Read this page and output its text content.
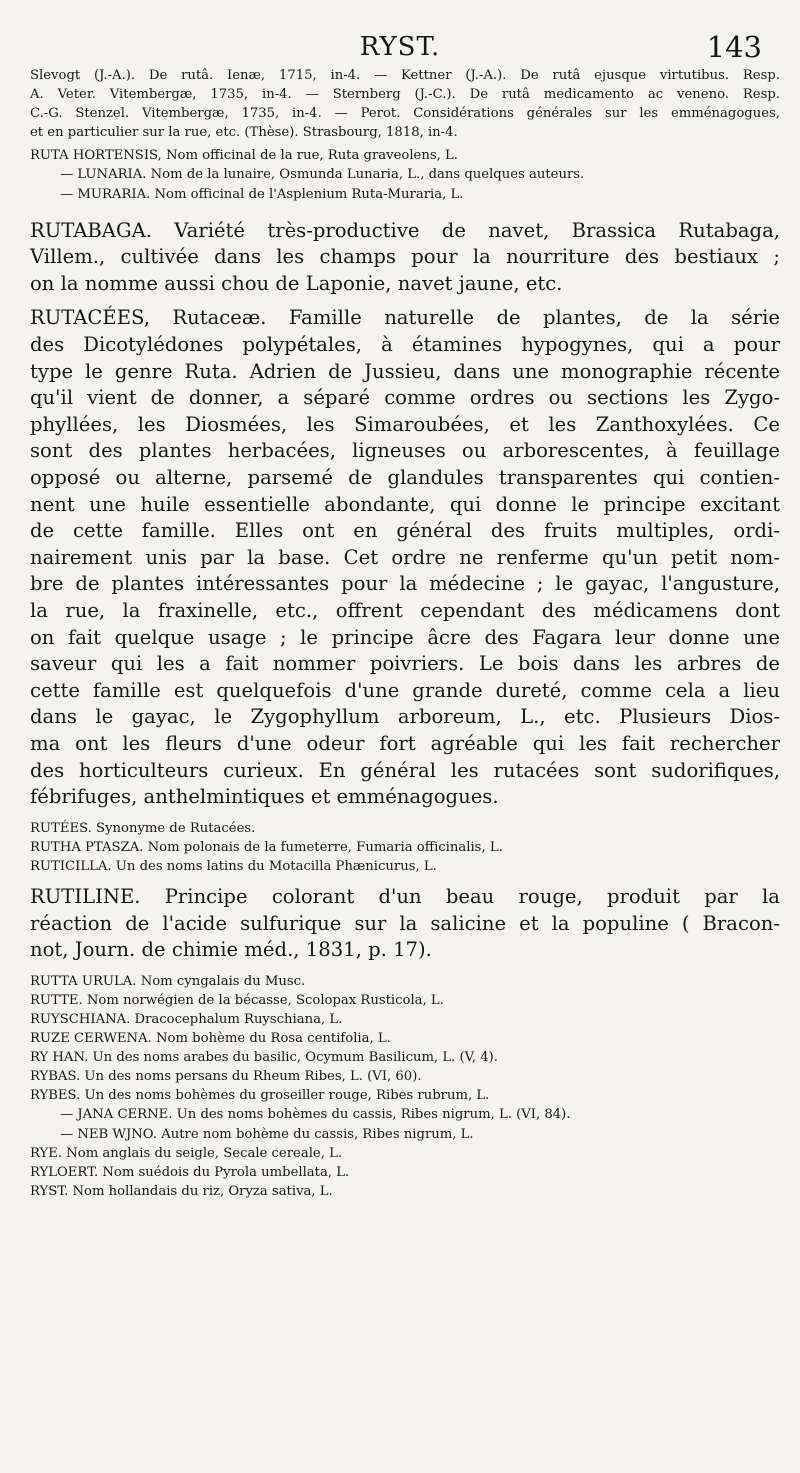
RYST.	143

Slevogt (J.-A.). De rutâ. Ienæ, 1715, in-4. — Kettner (J.-A.). De rutâ ejusque virtutibus. Resp.

A. Veter. Vitembergæ, 1735, in-4. — Sternberg (J.-C.). De rutâ medicamento ac veneno. Resp.

C.-G. Stenzel. Vitembergæ, 1735, in-4. — Perot. Considérations générales sur les emménagogues,

et en particulier sur la rue, etc. (Thèse). Strasbourg, 1818, in-4.

RUTA HORTENSIS, Nom officinal de la rue, Ruta graveolens, L.

— LUNARIA. Nom de la lunaire, Osmunda Lunaria, L., dans quelques auteurs.

— MURARIA. Nom officinal de l'Asplenium Ruta-Muraria, L.

RUTABAGA. Variété très-productive de navet, Brassica Rutabaga,

Villem., cultivée dans les champs pour la nourriture des bestiaux ;

on la nomme aussi chou de Laponie, navet jaune, etc.

RUTACÉES, Rutaceæ. Famille naturelle de plantes, de la série

des Dicotylédones polypétales, à étamines hypogynes, qui a pour

type le genre Ruta. Adrien de Jussieu, dans une monographie récente

qu'il vient de donner, a séparé comme ordres ou sections les Zygo-

phyllées, les Diosmées, les Simaroubées, et les Zanthoxylées. Ce

sont des plantes herbacées, ligneuses ou arborescentes, à feuillage

opposé ou alterne, parsemé de glandules transparentes qui contien-

nent une huile essentielle abondante, qui donne le principe excitant

de cette famille. Elles ont en général des fruits multiples, ordi-

nairement unis par la base. Cet ordre ne renferme qu'un petit nom-

bre de plantes intéressantes pour la médecine ; le gayac, l'angusture,

la rue, la fraxinelle, etc., offrent cependant des médicamens dont

on fait quelque usage ; le principe âcre des Fagara leur donne une

saveur qui les a fait nommer poivriers. Le bois dans les arbres de

cette famille est quelquefois d'une grande dureté, comme cela a lieu

dans le gayac, le Zygophyllum arboreum, L., etc. Plusieurs Dios-

ma ont les fleurs d'une odeur fort agréable qui les fait rechercher

des horticulteurs curieux. En général les rutacées sont sudorifiques,

fébrifuges, anthelmintiques et emménagogues.

RUTÉES. Synonyme de Rutacées.

RUTHA PTASZA. Nom polonais de la fumeterre, Fumaria officinalis, L.

RUTICILLA. Un des noms latins du Motacilla Phænicurus, L.

RUTILINE. Principe colorant d'un beau rouge, produit par la

réaction de l'acide sulfurique sur la salicine et la populine ( Bracon-

not, Journ. de chimie méd., 1831, p. 17).

RUTTA URULA. Nom cyngalais du Musc.

RUTTE. Nom norwégien de la bécasse, Scolopax Rusticola, L.

RUYSCHIANA. Dracocephalum Ruyschiana, L.

RUZE CERWENA. Nom bohème du Rosa centifolia, L.

RY HAN. Un des noms arabes du basilic, Ocymum Basilicum, L. (V, 4).

RYBAS. Un des noms persans du Rheum Ribes, L. (VI, 60).

RYBES. Un des noms bohèmes du groseiller rouge, Ribes rubrum, L.

— JANA CERNE. Un des noms bohèmes du cassis, Ribes nigrum, L. (VI, 84).

— NEB WJNO. Autre nom bohème du cassis, Ribes nigrum, L.

RYE. Nom anglais du seigle, Secale cereale, L.

RYLOERT. Nom suédois du Pyrola umbellata, L.

RYST. Nom hollandais du riz, Oryza sativa, L.
